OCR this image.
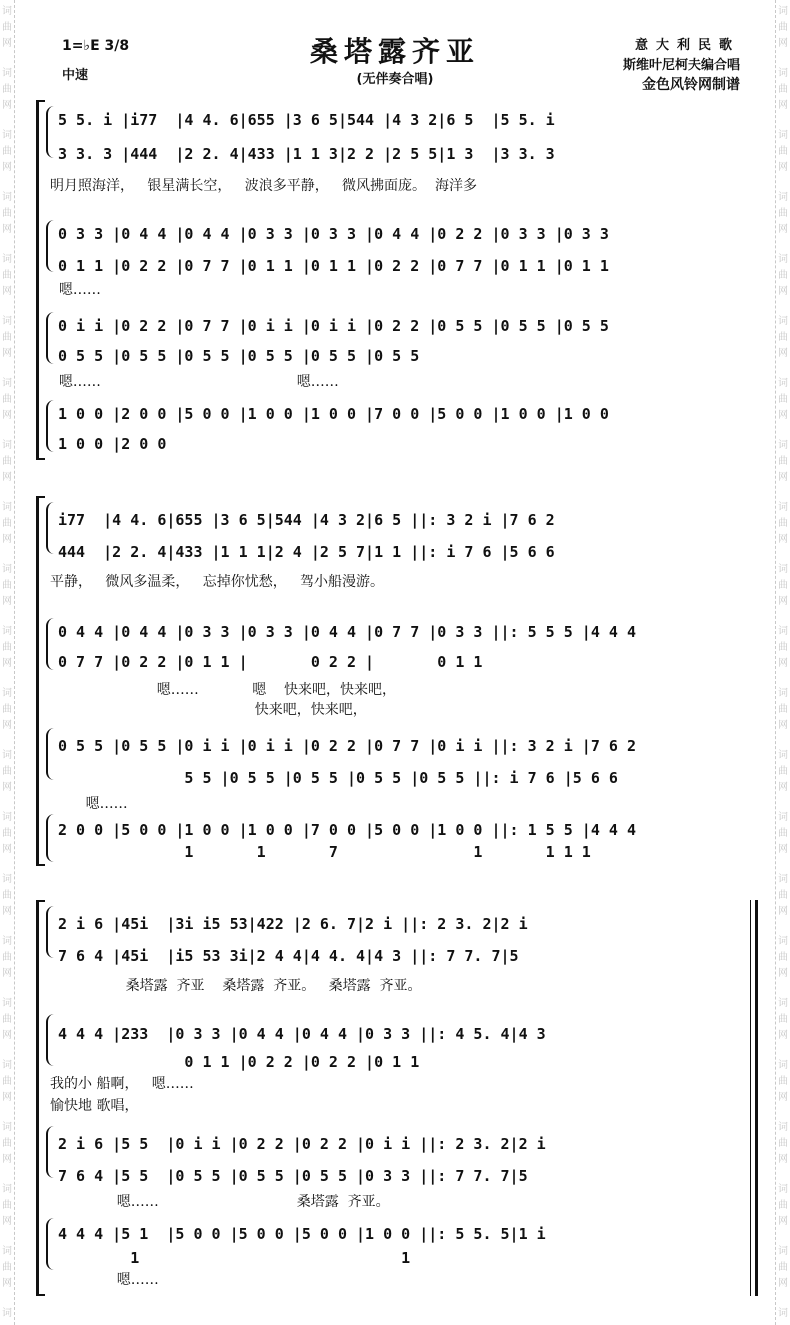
词
曲
网
词
曲
网
词
曲
网
词
曲
网
词
曲
网
词
曲
网
词
曲
网
词
曲
网
词
曲
网
词
曲
网
词
曲
网
词
曲
网
词
曲
网
词
曲
网
词
曲
网
词
曲
网
词
曲
网
词
曲
网
词
曲
网
词
曲
网
词
曲
网
词
词
曲
网
词
曲
网
词
曲
网
词
曲
网
词
曲
网
词
曲
网
词
曲
网
词
曲
网
词
曲
网
词
曲
网
词
曲
网
词
曲
网
词
曲
网
词
曲
网
词
曲
网
词
曲
网
词
曲
网
词
曲
网
词
曲
网
词
曲
网
词
曲
网
词
1=♭E 3/8
中速
桑塔露齐亚
(无伴奏合唱)
意大利民歌
斯维叶尼柯夫编合唱
金色风铃网制谱
5 5. i |i77  |4 4. 6|655 |3 6 5|544 |4 3 2|6 5  |5 5. i
3 3. 3 |444  |2 2. 4|433 |1 1 3|2 2 |2 5 5|1 3  |3 3. 3
明月照海洋，   银星满长空，   波浪多平静，   微风拂面庞。  海洋多
0 3 3 |0 4 4 |0 4 4 |0 3 3 |0 3 3 |0 4 4 |0 2 2 |0 3 3 |0 3 3
0 1 1 |0 2 2 |0 7 7 |0 1 1 |0 1 1 |0 2 2 |0 7 7 |0 1 1 |0 1 1
嗯……
0 i i |0 2 2 |0 7 7 |0 i i |0 i i |0 2 2 |0 5 5 |0 5 5 |0 5 5
0 5 5 |0 5 5 |0 5 5 |0 5 5 |0 5 5 |0 5 5
嗯……                                            嗯……
1 0 0 |2 0 0 |5 0 0 |1 0 0 |1 0 0 |7 0 0 |5 0 0 |1 0 0 |1 0 0
1 0 0 |2 0 0
i77  |4 4. 6|655 |3 6 5|544 |4 3 2|6 5 ||: 3 2 i |7 6 2
444  |2 2. 4|433 |1 1 1|2 4 |2 5 7|1 1 ||: i 7 6 |5 6 6
平静，   微风多温柔，   忘掉你忧愁，   驾小船漫游。
0 4 4 |0 4 4 |0 3 3 |0 3 3 |0 4 4 |0 7 7 |0 3 3 ||: 5 5 5 |4 4 4
0 7 7 |0 2 2 |0 1 1 |       0 2 2 |       0 1 1
嗯……            嗯    快来吧，快来吧，
快来吧，快来吧，
0 5 5 |0 5 5 |0 i i |0 i i |0 2 2 |0 7 7 |0 i i ||: 3 2 i |7 6 2
5 5 |0 5 5 |0 5 5 |0 5 5 |0 5 5 ||: i 7 6 |5 6 6
嗯……
2 0 0 |5 0 0 |1 0 0 |1 0 0 |7 0 0 |5 0 0 |1 0 0 ||: 1 5 5 |4 4 4
1       1       7               1       1 1 1
2 i 6 |45i  |3i i5 53|422 |2 6. 7|2 i ||: 2 3. 2|2 i
7 6 4 |45i  |i5 53 3i|2 4 4|4 4. 4|4 3 ||: 7 7. 7|5
桑塔露  齐亚    桑塔露  齐亚。   桑塔露  齐亚。
4 4 4 |233  |0 3 3 |0 4 4 |0 4 4 |0 3 3 ||: 4 5. 4|4 3
0 1 1 |0 2 2 |0 2 2 |0 1 1
我的小 船啊，   嗯……
愉快地 歌唱，
2 i 6 |5 5  |0 i i |0 2 2 |0 2 2 |0 i i ||: 2 3. 2|2 i
7 6 4 |5 5  |0 5 5 |0 5 5 |0 5 5 |0 3 3 ||: 7 7. 7|5
嗯……                               桑塔露  齐亚。
4 4 4 |5 1  |5 0 0 |5 0 0 |5 0 0 |1 0 0 ||: 5 5. 5|1 i
1                             1
嗯……
